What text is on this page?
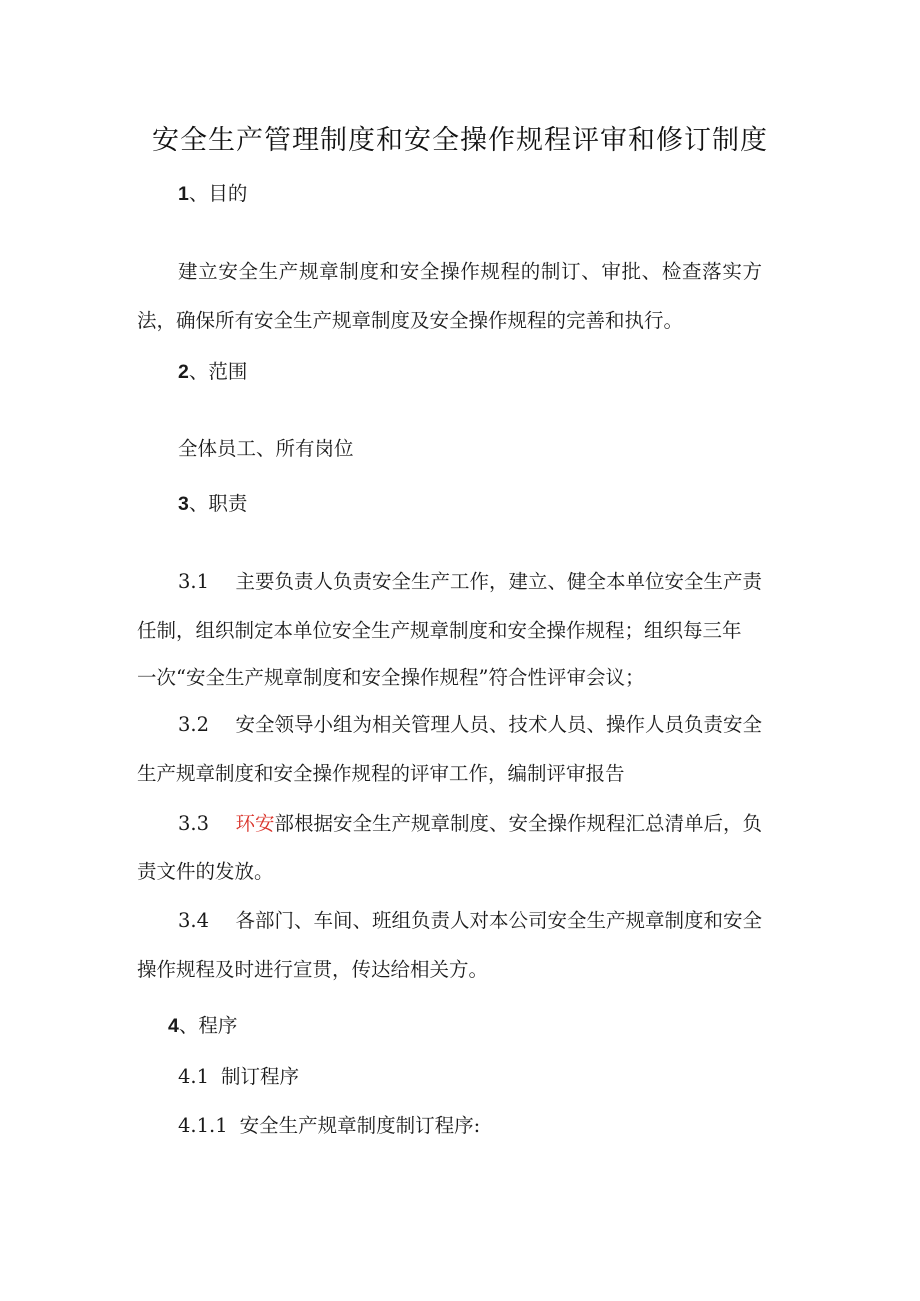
安全生产管理制度和安全操作规程评审和修订制度
1、目的
建立安全生产规章制度和安全操作规程的制订、审批、检查落实方
法，确保所有安全生产规章制度及安全操作规程的完善和执行。
2、范围
全体员工、所有岗位
3、职责
3.1 主要负责人负责安全生产工作，建立、健全本单位安全生产责
任制，组织制定本单位安全生产规章制度和安全操作规程；组织每三年
一次“安全生产规章制度和安全操作规程”符合性评审会议；
3.2 安全领导小组为相关管理人员、技术人员、操作人员负责安全
生产规章制度和安全操作规程的评审工作，编制评审报告
3.3 环安部根据安全生产规章制度、安全操作规程汇总清单后，负
责文件的发放。
3.4 各部门、车间、班组负责人对本公司安全生产规章制度和安全
操作规程及时进行宣贯，传达给相关方。
4、程序
4.1 制订程序
4.1.1 安全生产规章制度制订程序:
